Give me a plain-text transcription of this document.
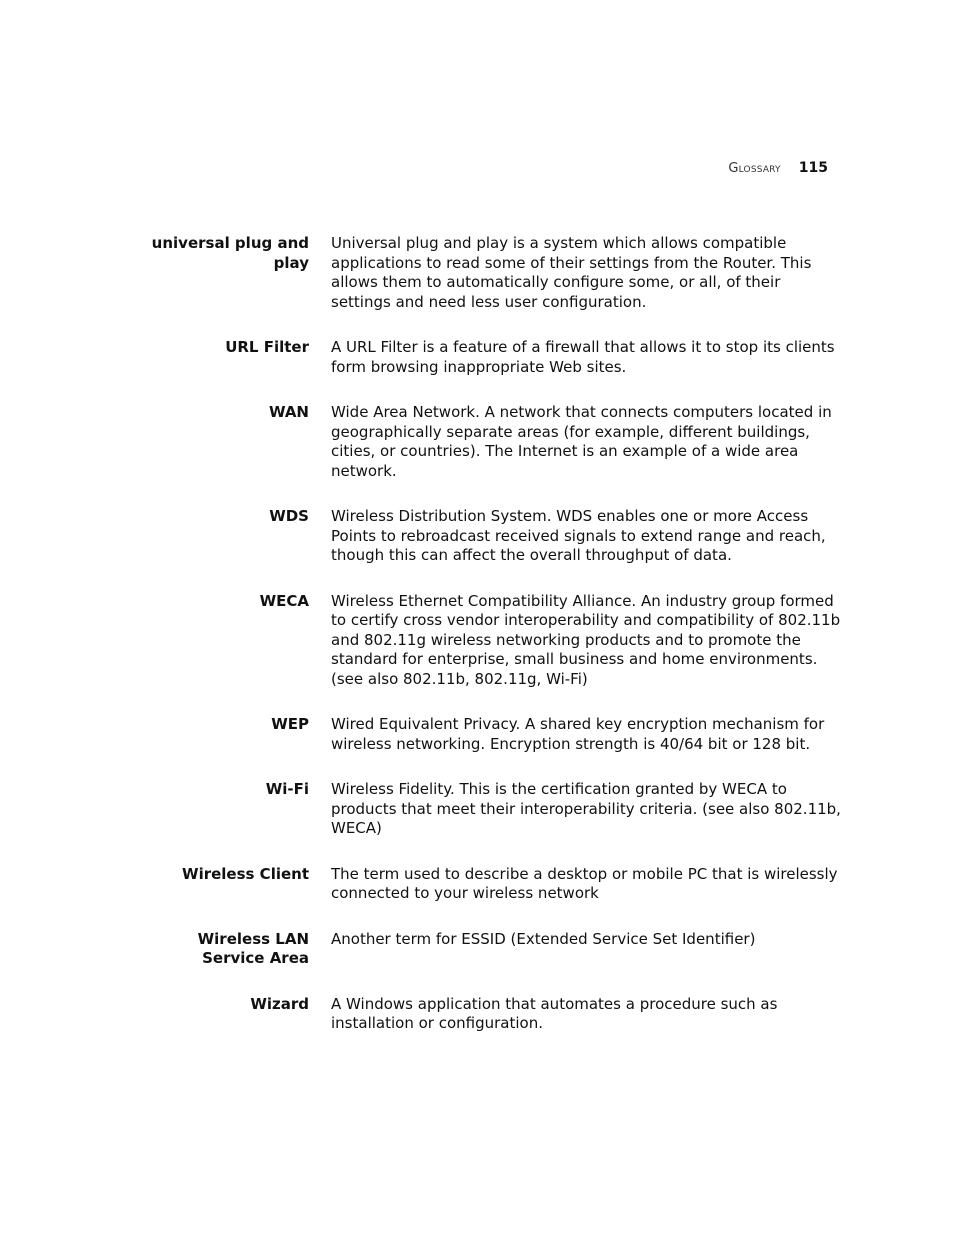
Glossary 115
universal plug and play
Universal plug and play is a system which allows compatible applications to read some of their settings from the Router. This allows them to automatically configure some, or all, of their settings and need less user configuration.
URL Filter A URL Filter is a feature of a firewall that allows it to stop its clients form browsing inappropriate Web sites.
WAN Wide Area Network. A network that connects computers located in geographically separate areas (for example, different buildings, cities, or countries). The Internet is an example of a wide area network.
WDS Wireless Distribution System. WDS enables one or more Access Points to rebroadcast received signals to extend range and reach, though this can affect the overall throughput of data.
WECA Wireless Ethernet Compatibility Alliance. An industry group formed to certify cross vendor interoperability and compatibility of 802.11b and 802.11g wireless networking products and to promote the standard for enterprise, small business and home environments. (see also 802.11b, 802.11g, Wi-Fi)
WEP Wired Equivalent Privacy. A shared key encryption mechanism for wireless networking. Encryption strength is 40/64 bit or 128 bit.
Wi-Fi Wireless Fidelity. This is the certification granted by WECA to products that meet their interoperability criteria. (see also 802.11b, WECA)
Wireless Client The term used to describe a desktop or mobile PC that is wirelessly connected to your wireless network
Wireless LAN Service Area
Another term for ESSID (Extended Service Set Identifier)
Wizard A Windows application that automates a procedure such as installation or configuration.
